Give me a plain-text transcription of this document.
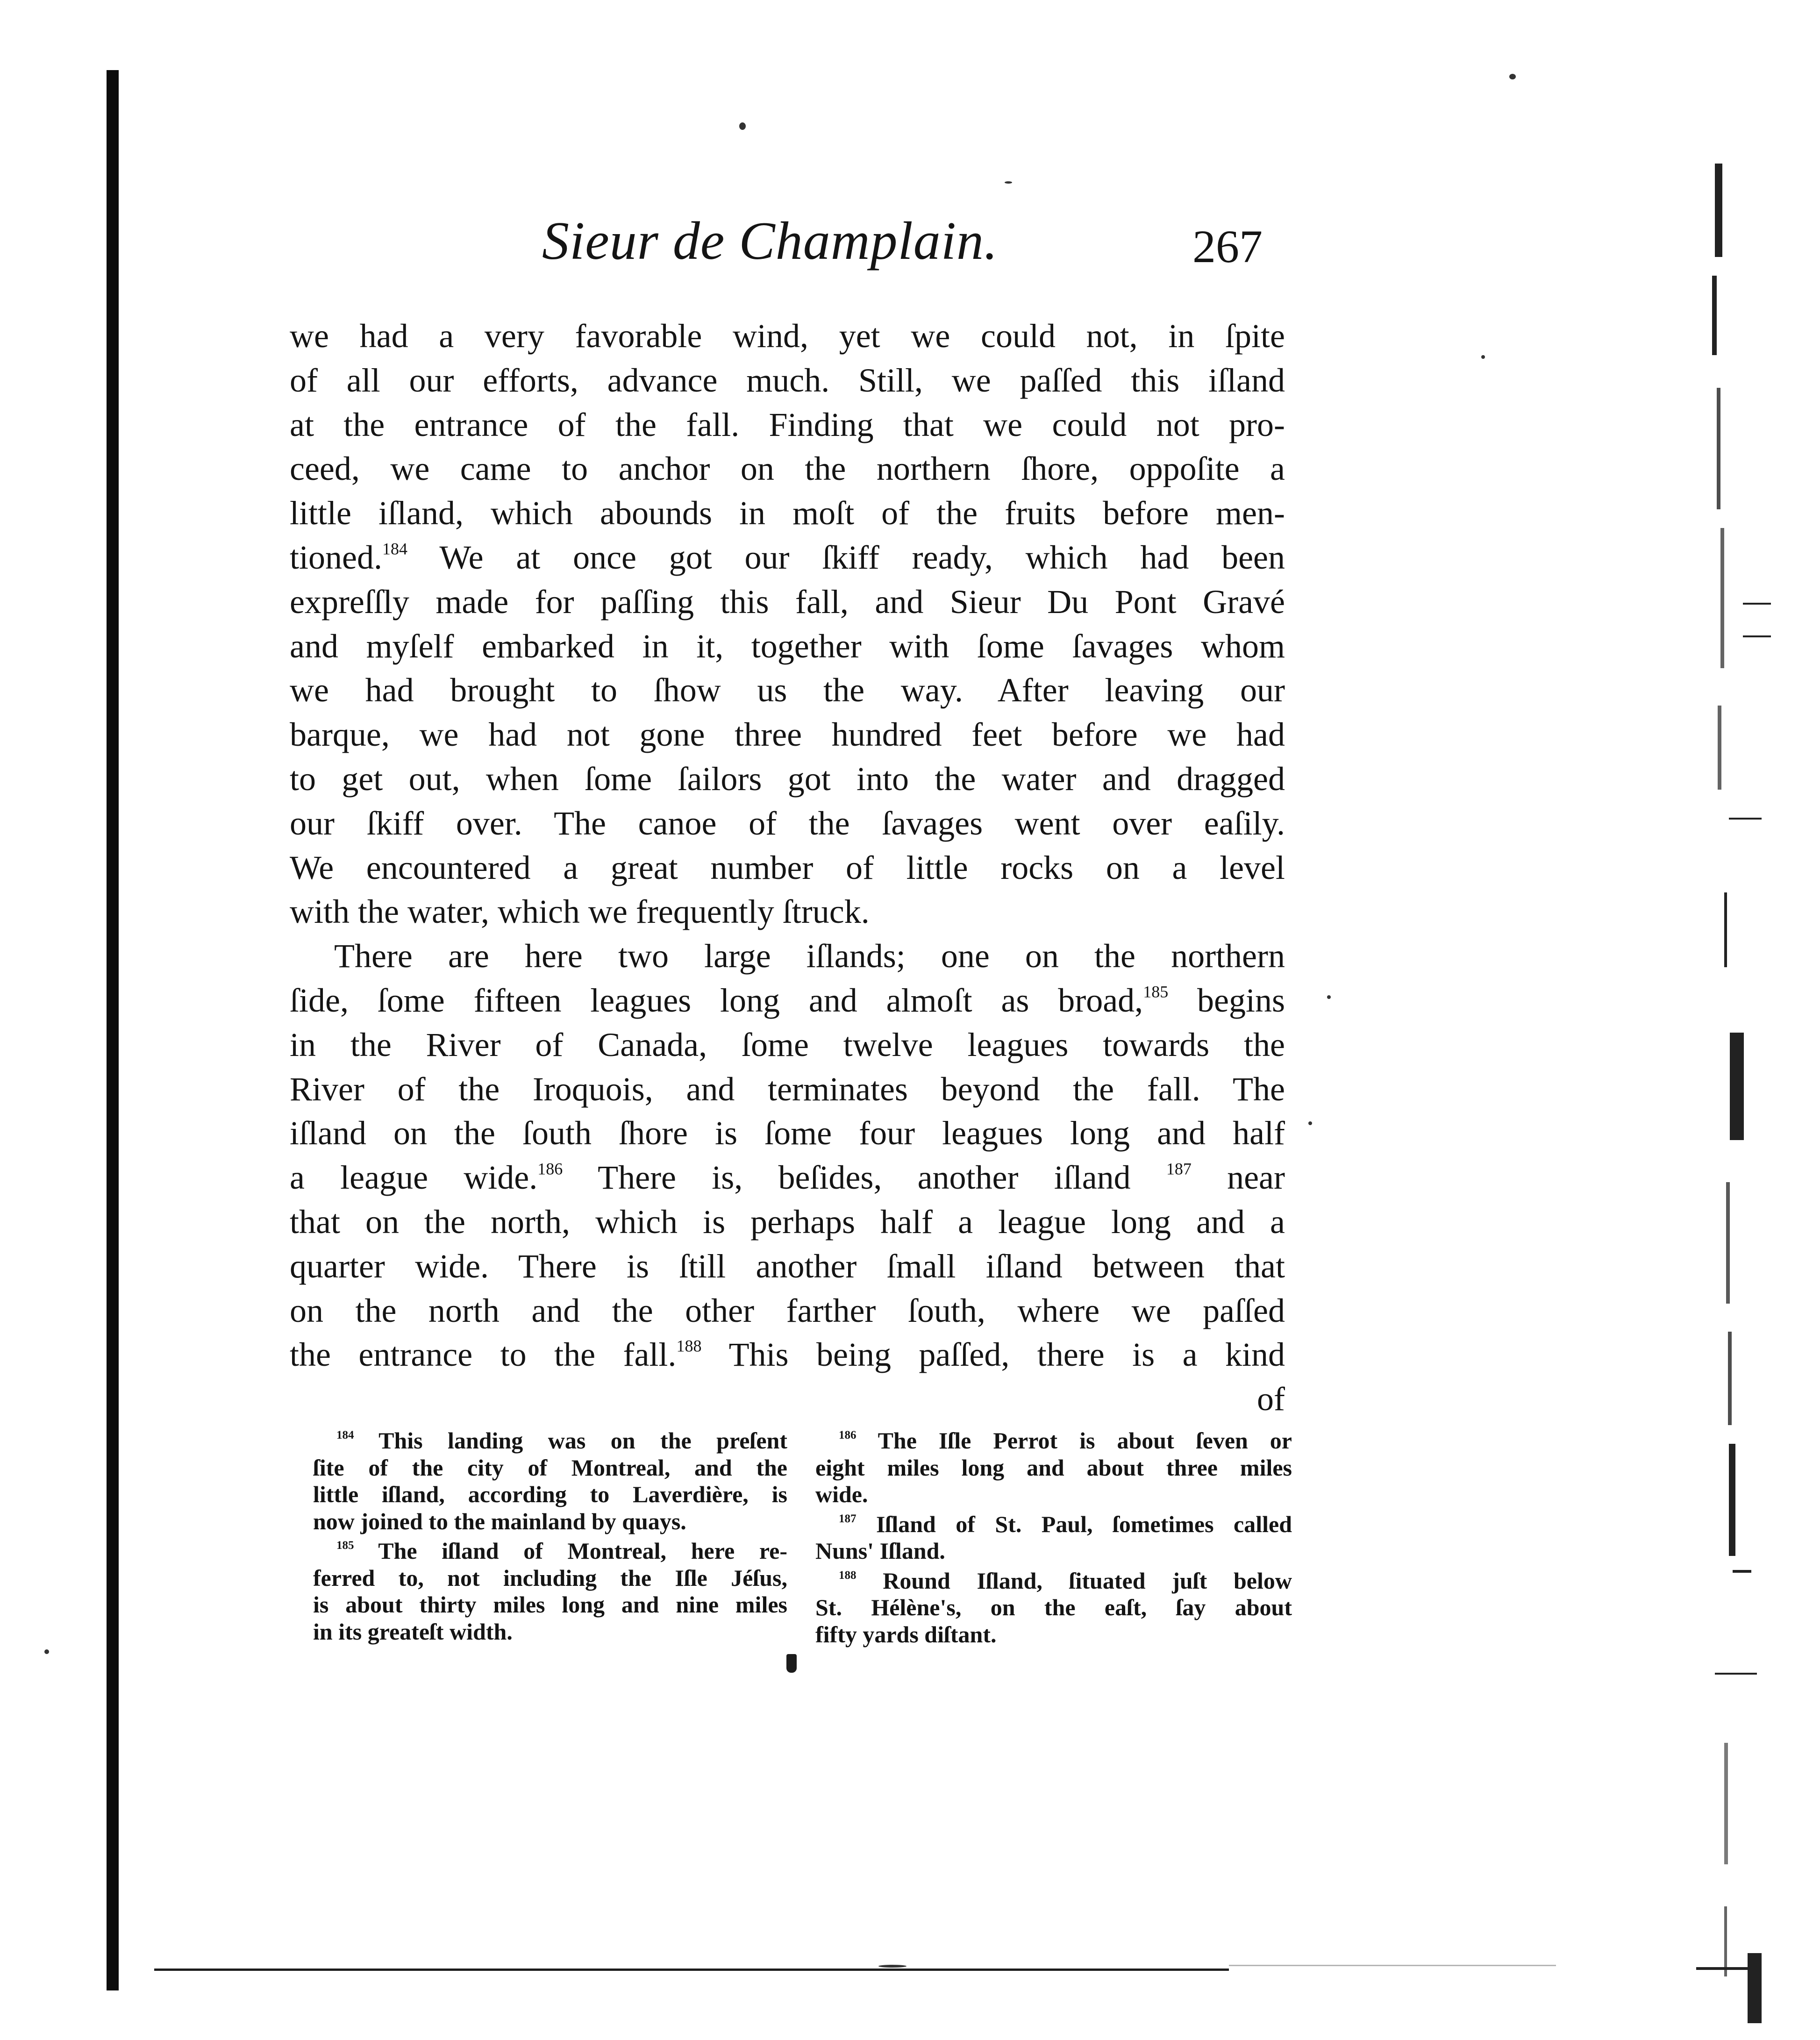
Sieur de Champlain.	267
we had a very favorable wind, yet we could not, in ſpite
of all our efforts, advance much. Still, we paſſed this iſland
at the entrance of the fall. Finding that we could not pro-
ceed, we came to anchor on the northern ſhore, oppoſite a
little iſland, which abounds in moſt of the fruits before men-
tioned.$^{184}$ We at once got our ſkiff ready, which had been
expreſſly made for paſſing this fall, and Sieur Du Pont Gravé
and myſelf embarked in it, together with ſome ſavages whom
we had brought to ſhow us the way. After leaving our
barque, we had not gone three hundred feet before we had
to get out, when ſome ſailors got into the water and dragged
our ſkiff over. The canoe of the ſavages went over eaſily.
We encountered a great number of little rocks on a level
with the water, which we frequently ſtruck.
There are here two large iſlands; one on the northern
ſide, ſome fifteen leagues long and almoſt as broad,$^{185}$ begins
in the River of Canada, ſome twelve leagues towards the
River of the Iroquois, and terminates beyond the fall. The
iſland on the ſouth ſhore is ſome four leagues long and half
a league wide.$^{186}$ There is, beſides, another iſland $^{187}$ near
that on the north, which is perhaps half a league long and a
quarter wide. There is ſtill another ſmall iſland between that
on the north and the other farther ſouth, where we paſſed
the entrance to the fall.$^{188}$ This being paſſed, there is a kind
of
$^{184}$ This landing was on the preſent
ſite of the city of Montreal, and the
little iſland, according to Laverdière, is
now joined to the mainland by quays.
$^{185}$ The iſland of Montreal, here re-
ferred to, not including the Iſle Jéſus,
is about thirty miles long and nine miles
in its greateſt width.
$^{186}$ The Iſle Perrot is about ſeven or
eight miles long and about three miles
wide.
$^{187}$ Iſland of St. Paul, ſometimes called
Nuns' Iſland.
$^{188}$ Round Iſland, ſituated juſt below
St. Hélène's, on the eaſt, ſay about
fifty yards diſtant.
